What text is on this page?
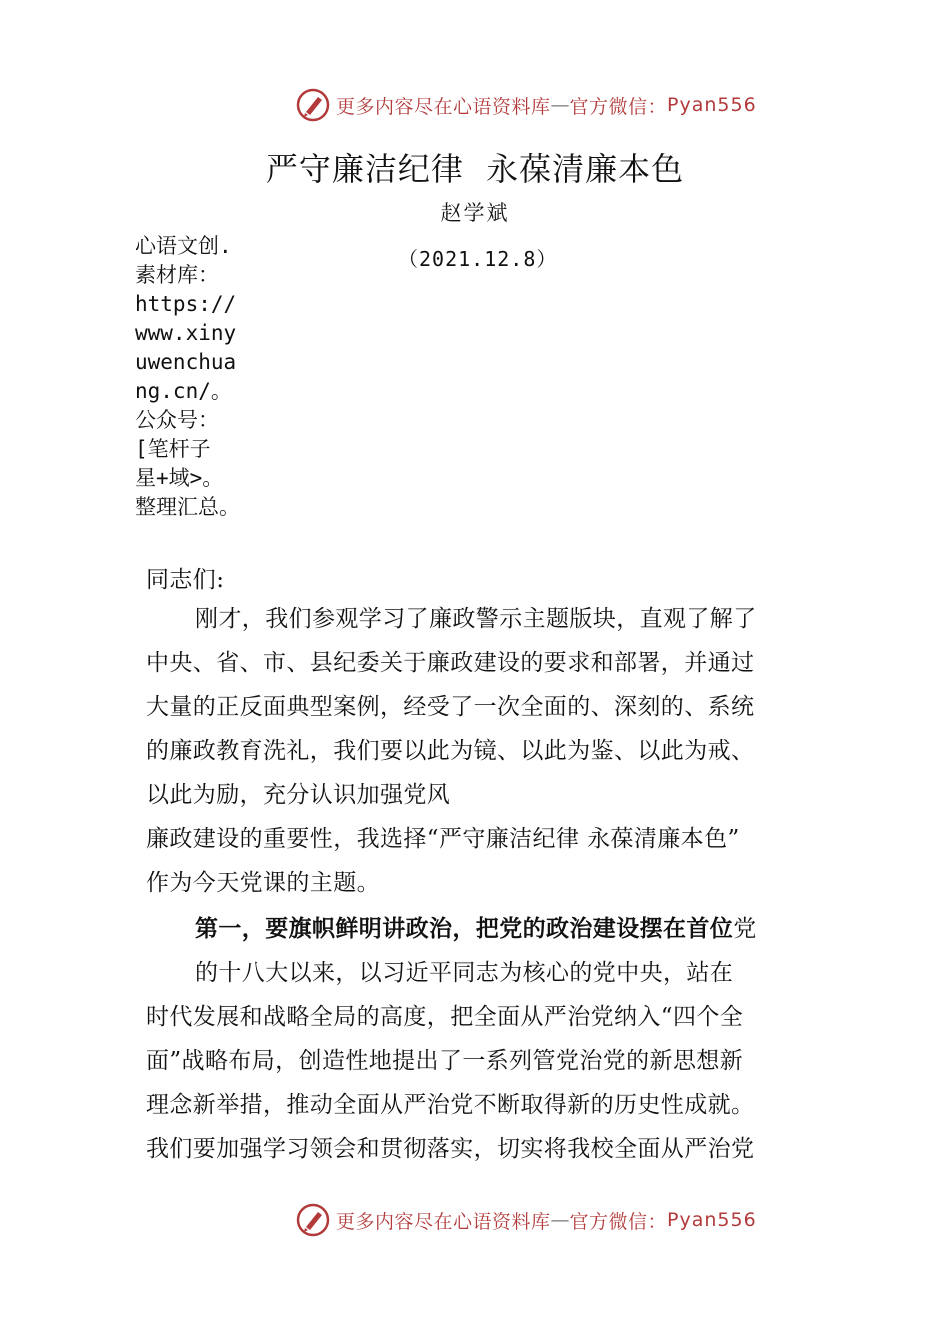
更多内容尽在心语资料库 — 官方微信： Pyan556
严守廉洁纪律  永葆清廉本色
赵学斌
（2021.12.8）
心语文创.
素材库：
https://
www.xiny
uwenchua
ng.cn/。
公众号：
[笔杆子
星+域>。
整理汇总。
同志们:
刚才，我们参观学习了廉政警示主题版块，直观了解了
中央、省、市、县纪委关于廉政建设的要求和部署，并通过
大量的正反面典型案例，经受了一次全面的、深刻的、系统
的廉政教育洗礼，我们要以此为镜、以此为鉴、以此为戒、
以此为励，充分认识加强党风
廉政建设的重要性，我选择“严守廉洁纪律 永葆清廉本色”
作为今天党课的主题。
第一，要旗帜鲜明讲政治，把党的政治建设摆在首位党
的十八大以来，以习近平同志为核心的党中央，站在
时代发展和战略全局的高度，把全面从严治党纳入“四个全
面”战略布局，创造性地提出了一系列管党治党的新思想新
理念新举措，推动全面从严治党不断取得新的历史性成就。
我们要加强学习领会和贯彻落实，切实将我校全面从严治党
更多内容尽在心语资料库 — 官方微信： Pyan556
